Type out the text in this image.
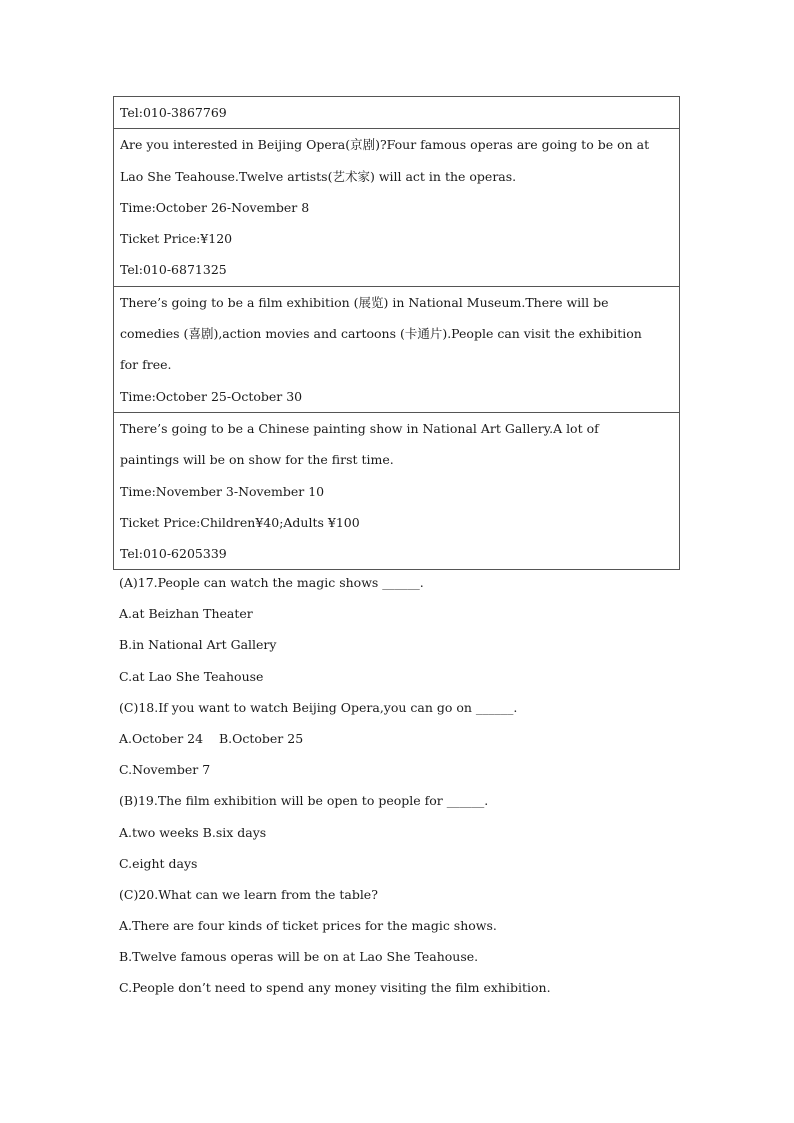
Tel:010-3867769
Are you interested in Beijing Opera(京剧)?Four famous operas are going to be on at
Lao She Teahouse.Twelve artists(艺术家) will act in the operas.
Time:October 26-November 8
Ticket Price:¥120
Tel:010-6871325
There’s going to be a film exhibition (展览) in National Museum.There will be
comedies (喜剧),action movies and cartoons (卡通片).People can visit the exhibition
for free.
Time:October 25-October 30
There’s going to be a Chinese painting show in National Art Gallery.A lot of
paintings will be on show for the first time.
Time:November 3-November 10
Ticket Price:Children¥40;Adults ¥100
Tel:010-6205339
(A)17.People can watch the magic shows ______.
A.at Beizhan Theater
B.in National Art Gallery
C.at Lao She Teahouse
(C)18.If you want to watch Beijing Opera,you can go on ______.
A.October 24    B.October 25
C.November 7
(B)19.The film exhibition will be open to people for ______.
A.two weeks B.six days
C.eight days
(C)20.What can we learn from the table?
A.There are four kinds of ticket prices for the magic shows.
B.Twelve famous operas will be on at Lao She Teahouse.
C.People don’t need to spend any money visiting the film exhibition.
